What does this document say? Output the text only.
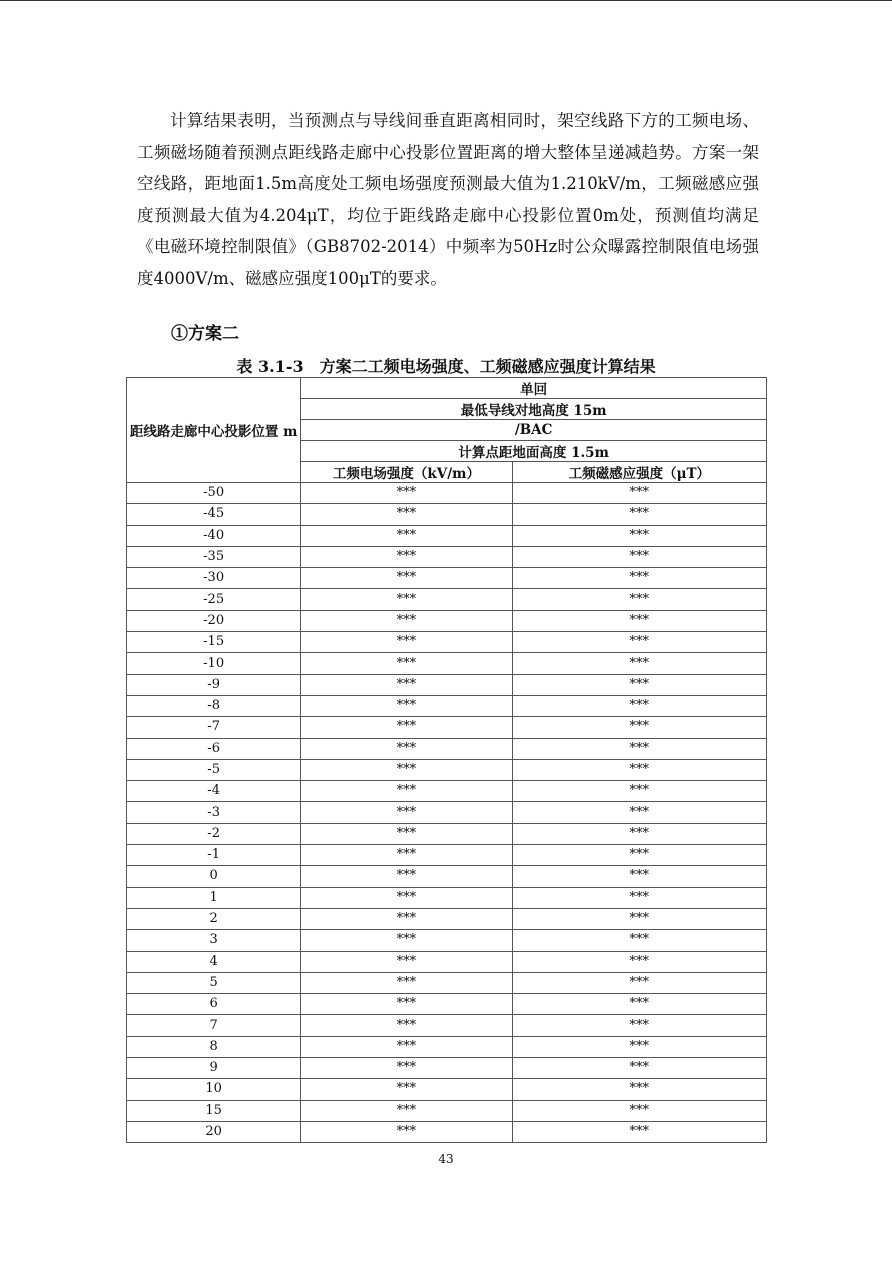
计算结果表明，当预测点与导线间垂直距离相同时，架空线路下方的工频电场、工频磁场随着预测点距线路走廊中心投影位置距离的增大整体呈递减趋势。方案一架空线路，距地面1.5m高度处工频电场强度预测最大值为1.210kV/m，工频磁感应强度预测最大值为4.204μT，均位于距线路走廊中心投影位置0m处，预测值均满足《电磁环境控制限值》（GB8702-2014）中频率为50Hz时公众曝露控制限值电场强度4000V/m、磁感应强度100μT的要求。

①方案二

表 3.1-3　方案二工频电场强度、工频磁感应强度计算结果

距线路走廊中心投影位置 m	单回	
	最低导线对地高度 15m	
	/BAC	
	计算点距地面高度 1.5m	
	工频电场强度（kV/m）	工频磁感应强度（μT）
-50	***	***
-45	***	***
-40	***	***
-35	***	***
-30	***	***
-25	***	***
-20	***	***
-15	***	***
-10	***	***
-9	***	***
-8	***	***
-7	***	***
-6	***	***
-5	***	***
-4	***	***
-3	***	***
-2	***	***
-1	***	***
0	***	***
1	***	***
2	***	***
3	***	***
4	***	***
5	***	***
6	***	***
7	***	***
8	***	***
9	***	***
10	***	***
15	***	***
20	***	***

43
